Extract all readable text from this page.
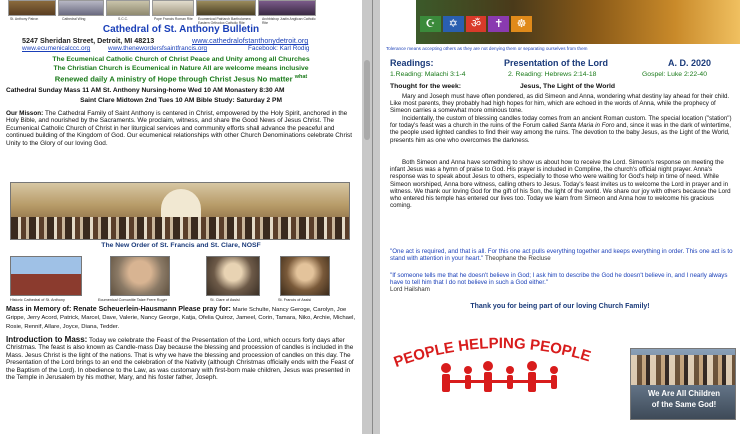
St. Anthony Patron	Cathedral Wing	S.C.C.	Pope Francis Roman Rite Ecumenical Patriarch Bartholomew Eastern Orthodox Catholic Rite
Archbishop Justin Anglican Catholic Rite
Cathedral of St. Anthony Bulletin
5247 Sheridan Street, Detroit, MI 48213	www.cathedralofstanthonydetroit.org
www.ecumenicalccc.org	www.thenewordersfsaintfrancis.org	Facebook: Karl Rodig
The Ecumenical Catholic Church of Christ Peace and Unity among all Churches
The Christian Church is Ecumenical in Nature All are welcome means inclusive
Renewed daily A ministry of Hope through Christ Jesus No matter $^{what}$
Cathedral Sunday Mass 11 AM St. Anthony Nursing-home Wed 10 AM Monastery 8:30 AM
Saint Clare Midtown 2nd Tues 10 AM Bible Study: Saturday 2 PM
Our Misson: The Cathedral Family of Saint Anthony is centered in Christ, empowered by the Holy Spirit, anchored in the Holy Bible, and nourished by the Sacraments. We proclaim, witness, and share the Good News of Jesus Christ. The Ecumenical Catholic Church of Christ in her liturgical services and community efforts shall advance the peaceful and continued building of the Kingdom of God. Our ecumenical relationships with other Church Denominations celebrate Christ Unity to the Glory of our loving God.
The New Order of St. Francis and St. Clare, NOSF
Historic Cathedral of St. Anthony	Ecumenical Comunitie Taize Frere Roger	St. Clare of Assisi	St. Francis of Assisi
Mass in Memory of: Renate Scheuerlein-Hausmann Please pray for: Marie Schulte, Nancy Geroge, Carolyn, Joe Grippe, Jerry Acord, Patrick, Marcel, Dave, Valerie, Nancy George, Katja, Ofelia Quiroz, Jameel, Corin, Tamara, Niko, Archie, Michael, Rosie, Rennif, Allare, Joyce, Diana, Tedder.
Introduction to Mass: Today we celebrate the Feast of the Presentation of the Lord, which occurs forty days after Christmas. The feast is also known as Candle-mass Day because the blessing and procession of candles is included in the Mass. Jesus Christ is the light of the nations. That is why we have the blessing and procession of candles on this day. The Presentation of the Lord brings to an end the celebration of the Nativity (although Christmas officially ends with the Feast of the Baptism of the Lord). In obedience to the Law, as was customary with first-born male children, Jesus was presented in the Temple in Jerusalem by his mother, Mary, and his foster father, Joseph.
☪	✡	ॐ	✝	☸
Tolerance means accepting others as they are not denying them or separating ourselves from them
Readings:	Presentation of the Lord	A. D. 2020
1.Reading: Malachi 3:1-4	2. Reading: Hebrews 2:14-18	Gospel: Luke 2:22-40
Thought for the week:	Jesus, The Light of the World
Mary and Joseph must have often pondered, as did Simeon and Anna, wondering what destiny lay ahead for their child. Like most parents, they probably had high hopes for him, which are echoed in the words of Anna, while the prophecy of Simeon carries a somewhat more ominous tone.
Incidentally, the custom of blessing candles today comes from an ancient Roman custom. The special location ("station") for today's feast was a church in the ruins of the Forum called Santa Maria in Foro and, since it was in the dark of wintertime, the people used lighted candles to find their way among the ruins. The devotion to the baby Jesus, as the Light of the World, presents him as one who overcomes the darkness.
Both Simeon and Anna have something to show us about how to receive the Lord. Simeon's response on meeting the infant Jesus was a hymn of praise to God. His prayer is included in Compline, the church's official night prayer. Anna's response was to speak about Jesus to others, especially to those who were waiting for God's help in time of need. While Simeon worshiped, Anna bore witness, calling others to Jesus. Today's feast invites us to welcome the Lord in prayer and in witness. We thank our loving God for the gift of his Son, the light of the world. We share our joy with others because the Lord who entered his temple has entered our lives too. Today we learn from Simeon and Anna how to welcome his gracious coming.
"One act is required, and that is all. For this one act pulls everything together and keeps everything in order. This one act is to stand with attention in your heart." Theophane the Recluse
"If someone tells me that he doesn't believe in God; I ask him to describe the God he doesn't believe in, and I nearly always have to tell him that I do not believe in such a God either."
Lord Hailsham
Thank you for being part of our loving Church Family!
PEOPLE HELPING PEOPLE
We Are All Children
of the Same God!
